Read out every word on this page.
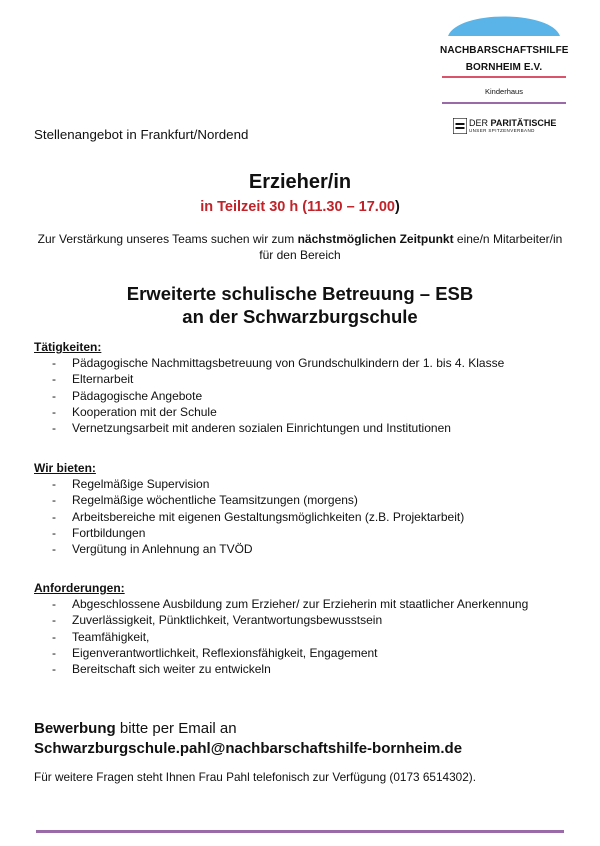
NACHBARSCHAFTSHILFE
BORNHEIM E.V.
Kinderhaus
DER PARITÄTISCHE
UNSER SPITZENVERBAND
Stellenangebot in Frankfurt/Nordend
Erzieher/in
in Teilzeit 30 h (11.30 – 17.00)
Zur Verstärkung unseres Teams suchen wir zum nächstmöglichen Zeitpunkt eine/n Mitarbeiter/in für den Bereich
Erweiterte schulische Betreuung – ESB
an der Schwarzburgschule
Tätigkeiten:
- Pädagogische Nachmittagsbetreuung von Grundschulkindern der 1. bis 4. Klasse
- Elternarbeit
- Pädagogische Angebote
- Kooperation mit der Schule
- Vernetzungsarbeit mit anderen sozialen Einrichtungen und Institutionen
Wir bieten:
- Regelmäßige Supervision
- Regelmäßige wöchentliche Teamsitzungen (morgens)
- Arbeitsbereiche mit eigenen Gestaltungsmöglichkeiten (z.B. Projektarbeit)
- Fortbildungen
- Vergütung in Anlehnung an TVÖD
Anforderungen:
- Abgeschlossene Ausbildung zum Erzieher/ zur Erzieherin mit staatlicher Anerkennung
- Zuverlässigkeit, Pünktlichkeit, Verantwortungsbewusstsein
- Teamfähigkeit,
- Eigenverantwortlichkeit, Reflexionsfähigkeit, Engagement
- Bereitschaft sich weiter zu entwickeln
Bewerbung bitte per Email an
Schwarzburgschule.pahl@nachbarschaftshilfe-bornheim.de
Für weitere Fragen steht Ihnen Frau Pahl telefonisch zur Verfügung (0173 6514302).
